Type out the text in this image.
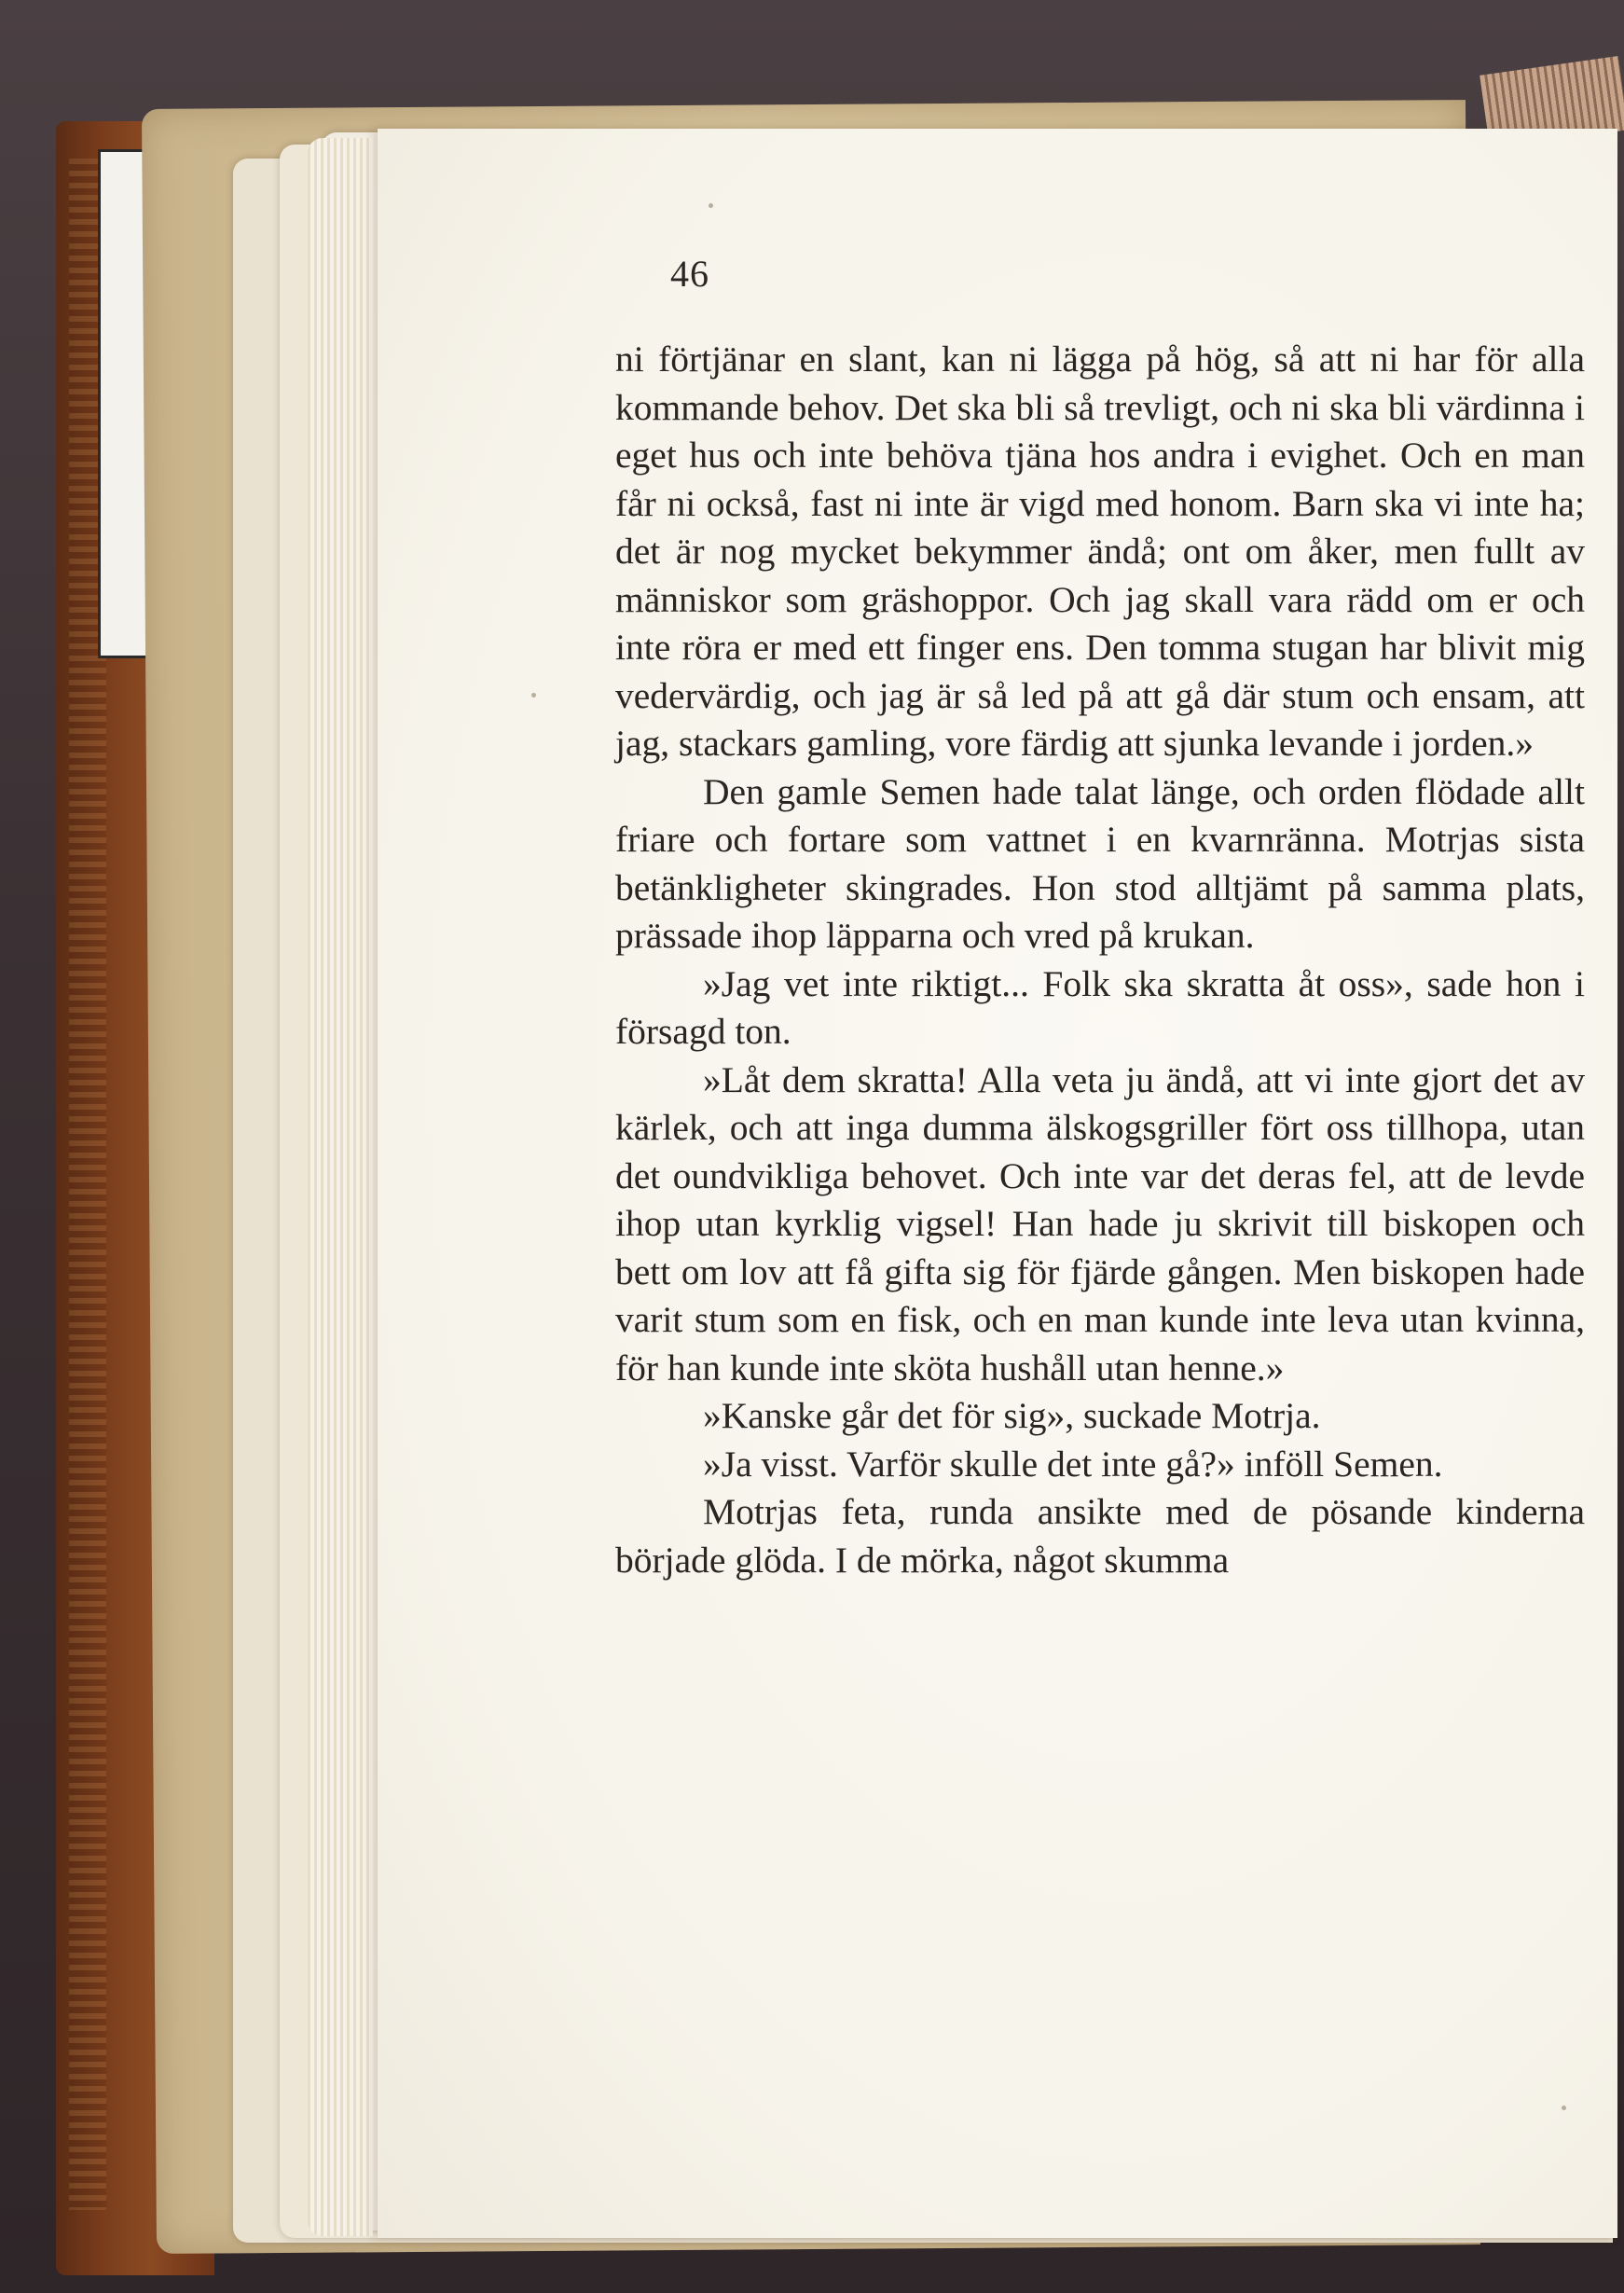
46

ni förtjänar en slant, kan ni lägga på hög, så att ni har för alla kommande behov. Det ska bli så trevligt, och ni ska bli värdinna i eget hus och inte behöva tjäna hos andra i evighet. Och en man får ni också, fast ni inte är vigd med honom. Barn ska vi inte ha; det är nog mycket bekymmer ändå; ont om åker, men fullt av människor som gräshoppor. Och jag skall vara rädd om er och inte röra er med ett finger ens. Den tomma stugan har blivit mig vedervärdig, och jag är så led på att gå där stum och ensam, att jag, stackars gamling, vore färdig att sjunka levande i jorden.»

Den gamle Semen hade talat länge, och orden flödade allt friare och fortare som vattnet i en kvarnränna. Motrjas sista betänkligheter skingrades. Hon stod alltjämt på samma plats, prässade ihop läpparna och vred på krukan.

»Jag vet inte riktigt... Folk ska skratta åt oss», sade hon i försagd ton.

»Låt dem skratta! Alla veta ju ändå, att vi inte gjort det av kärlek, och att inga dumma älskogsgriller fört oss tillhopa, utan det oundvikliga behovet. Och inte var det deras fel, att de levde ihop utan kyrklig vigsel! Han hade ju skrivit till biskopen och bett om lov att få gifta sig för fjärde gången. Men biskopen hade varit stum som en fisk, och en man kunde inte leva utan kvinna, för han kunde inte sköta hushåll utan henne.»

»Kanske går det för sig», suckade Motrja.

»Ja visst. Varför skulle det inte gå?» inföll Semen.

Motrjas feta, runda ansikte med de pösande kinderna började glöda. I de mörka, något skumma
